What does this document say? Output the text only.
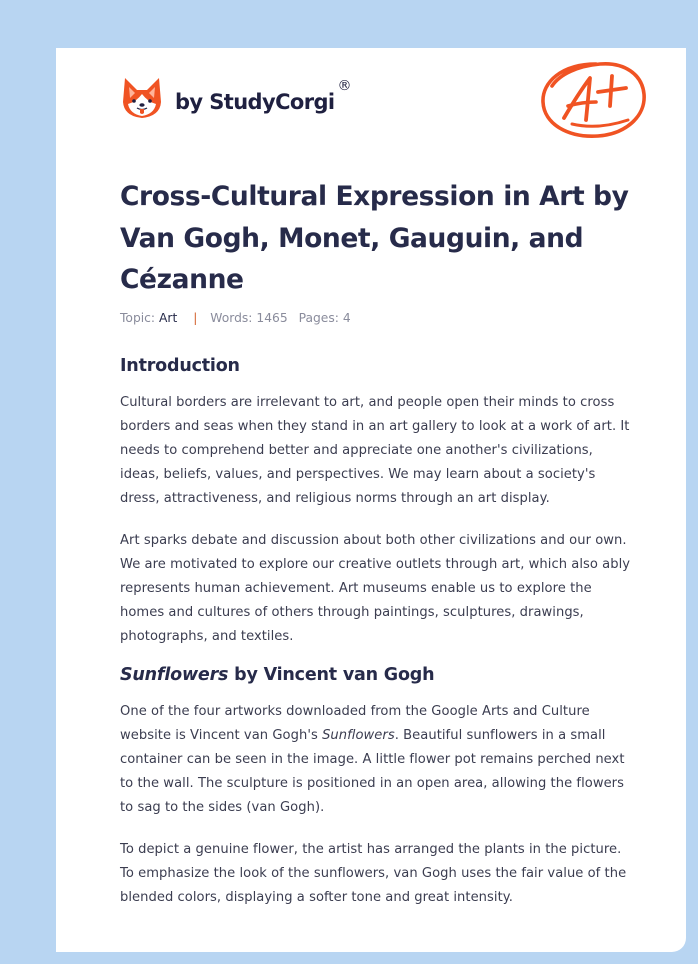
by StudyCorgi
®
Cross-Cultural Expression in Art by Van Gogh, Monet, Gauguin, and Cézanne
Topic: Art | Words: 1465 Pages: 4
Introduction

Cultural borders are irrelevant to art, and people open their minds to cross borders and seas when they stand in an art gallery to look at a work of art. It needs to comprehend better and appreciate one another's civilizations, ideas, beliefs, values, and perspectives. We may learn about a society's dress, attractiveness, and religious norms through an art display.

Art sparks debate and discussion about both other civilizations and our own. We are motivated to explore our creative outlets through art, which also ably represents human achievement. Art museums enable us to explore the homes and cultures of others through paintings, sculptures, drawings, photographs, and textiles.

Sunflowers by Vincent van Gogh

One of the four artworks downloaded from the Google Arts and Culture website is Vincent van Gogh's Sunflowers. Beautiful sunflowers in a small container can be seen in the image. A little flower pot remains perched next to the wall. The sculpture is positioned in an open area, allowing the flowers to sag to the sides (van Gogh).

To depict a genuine flower, the artist has arranged the plants in the picture. To emphasize the look of the sunflowers, van Gogh uses the fair value of the blended colors, displaying a softer tone and great intensity.
